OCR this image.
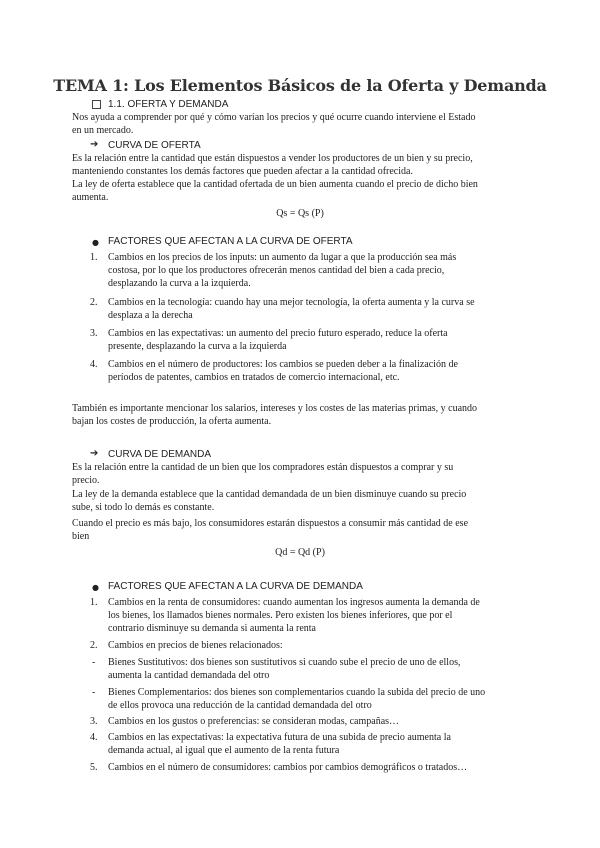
TEMA 1: Los Elementos Básicos de la Oferta y Demanda
1.1. OFERTA Y DEMANDA
Nos ayuda a comprender por qué y cómo varían los precios y qué ocurre cuando interviene el Estado
en un mercado.
➔ CURVA DE OFERTA
Es la relación entre la cantidad que están dispuestos a vender los productores de un bien y su precio,
manteniendo constantes los demás factores que pueden afectar a la cantidad ofrecida.
La ley de oferta establece que la cantidad ofertada de un bien aumenta cuando el precio de dicho bien
aumenta.
Qs = Qs (P)
● FACTORES QUE AFECTAN A LA CURVA DE OFERTA
1. Cambios en los precios de los inputs: un aumento da lugar a que la producción sea más
costosa, por lo que los productores ofrecerán menos cantidad del bien a cada precio,
desplazando la curva a la izquierda.
2. Cambios en la tecnología: cuando hay una mejor tecnología, la oferta aumenta y la curva se
desplaza a la derecha
3. Cambios en las expectativas: un aumento del precio futuro esperado, reduce la oferta
presente, desplazando la curva a la izquierda
4. Cambios en el número de productores: los cambios se pueden deber a la finalización de
períodos de patentes, cambios en tratados de comercio internacional, etc.
También es importante mencionar los salarios, intereses y los costes de las materias primas, y cuando
bajan los costes de producción, la oferta aumenta.
➔ CURVA DE DEMANDA
Es la relación entre la cantidad de un bien que los compradores están dispuestos a comprar y su
precio.
La ley de la demanda establece que la cantidad demandada de un bien disminuye cuando su precio
sube, si todo lo demás es constante.
Cuando el precio es más bajo, los consumidores estarán dispuestos a consumir más cantidad de ese
bien
Qd = Qd (P)
● FACTORES QUE AFECTAN A LA CURVA DE DEMANDA
1. Cambios en la renta de consumidores: cuando aumentan los ingresos aumenta la demanda de
los bienes, los llamados bienes normales. Pero existen los bienes inferiores, que por el
contrario disminuye su demanda si aumenta la renta
2. Cambios en precios de bienes relacionados:
- Bienes Sustitutivos: dos bienes son sustitutivos si cuando sube el precio de uno de ellos,
aumenta la cantidad demandada del otro
- Bienes Complementarios: dos bienes son complementarios cuando la subida del precio de uno
de ellos provoca una reducción de la cantidad demandada del otro
3. Cambios en los gustos o preferencias: se consideran modas, campañas…
4. Cambios en las expectativas: la expectativa futura de una subida de precio aumenta la
demanda actual, al igual que el aumento de la renta futura
5. Cambios en el número de consumidores: cambios por cambios demográficos o tratados…
